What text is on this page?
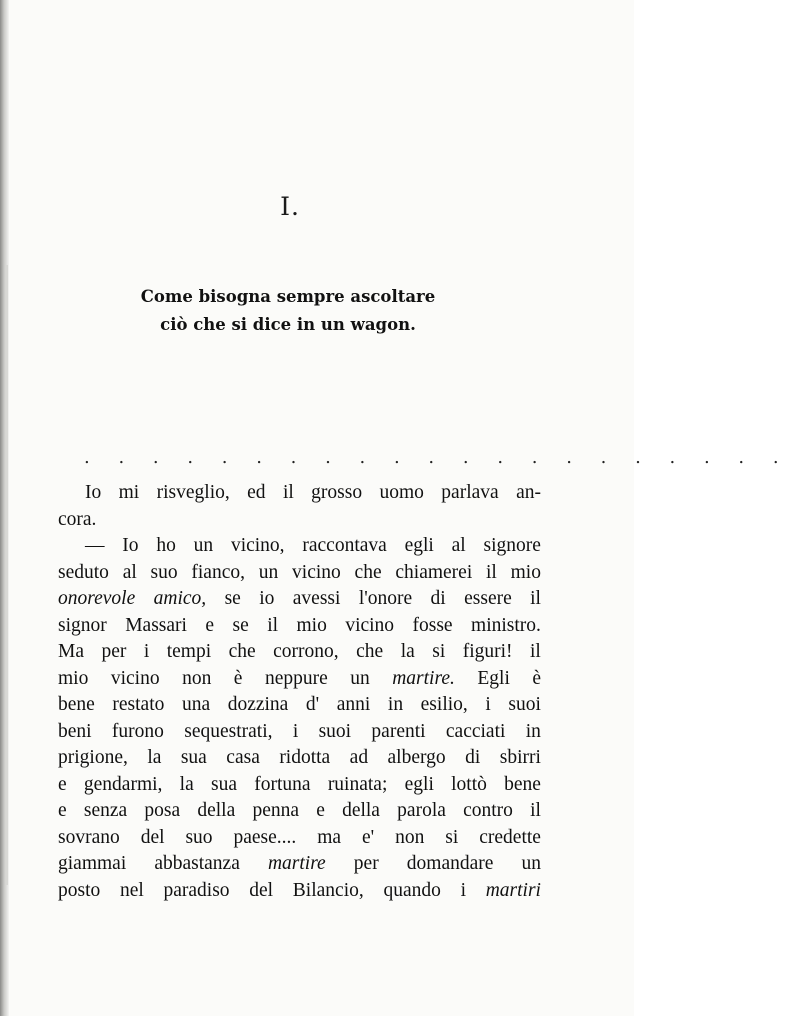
I.
Come bisogna sempre ascoltare
ciò che si dice in un wagon.
. . . . . . . . . . . . . . . . . . . . .
Io mi risveglio, ed il grosso uomo parlava an-
cora.
— Io ho un vicino, raccontava egli al signore
seduto al suo fianco, un vicino che chiamerei il mio
onorevole amico, se io avessi l'onore di essere il
signor Massari e se il mio vicino fosse ministro.
Ma per i tempi che corrono, che la si figuri! il
mio vicino non è neppure un martire. Egli è
bene restato una dozzina d' anni in esilio, i suoi
beni furono sequestrati, i suoi parenti cacciati in
prigione, la sua casa ridotta ad albergo di sbirri
e gendarmi, la sua fortuna ruinata; egli lottò bene
e senza posa della penna e della parola contro il
sovrano del suo paese.... ma e' non si credette
giammai abbastanza martire per domandare un
posto nel paradiso del Bilancio, quando i martiri
